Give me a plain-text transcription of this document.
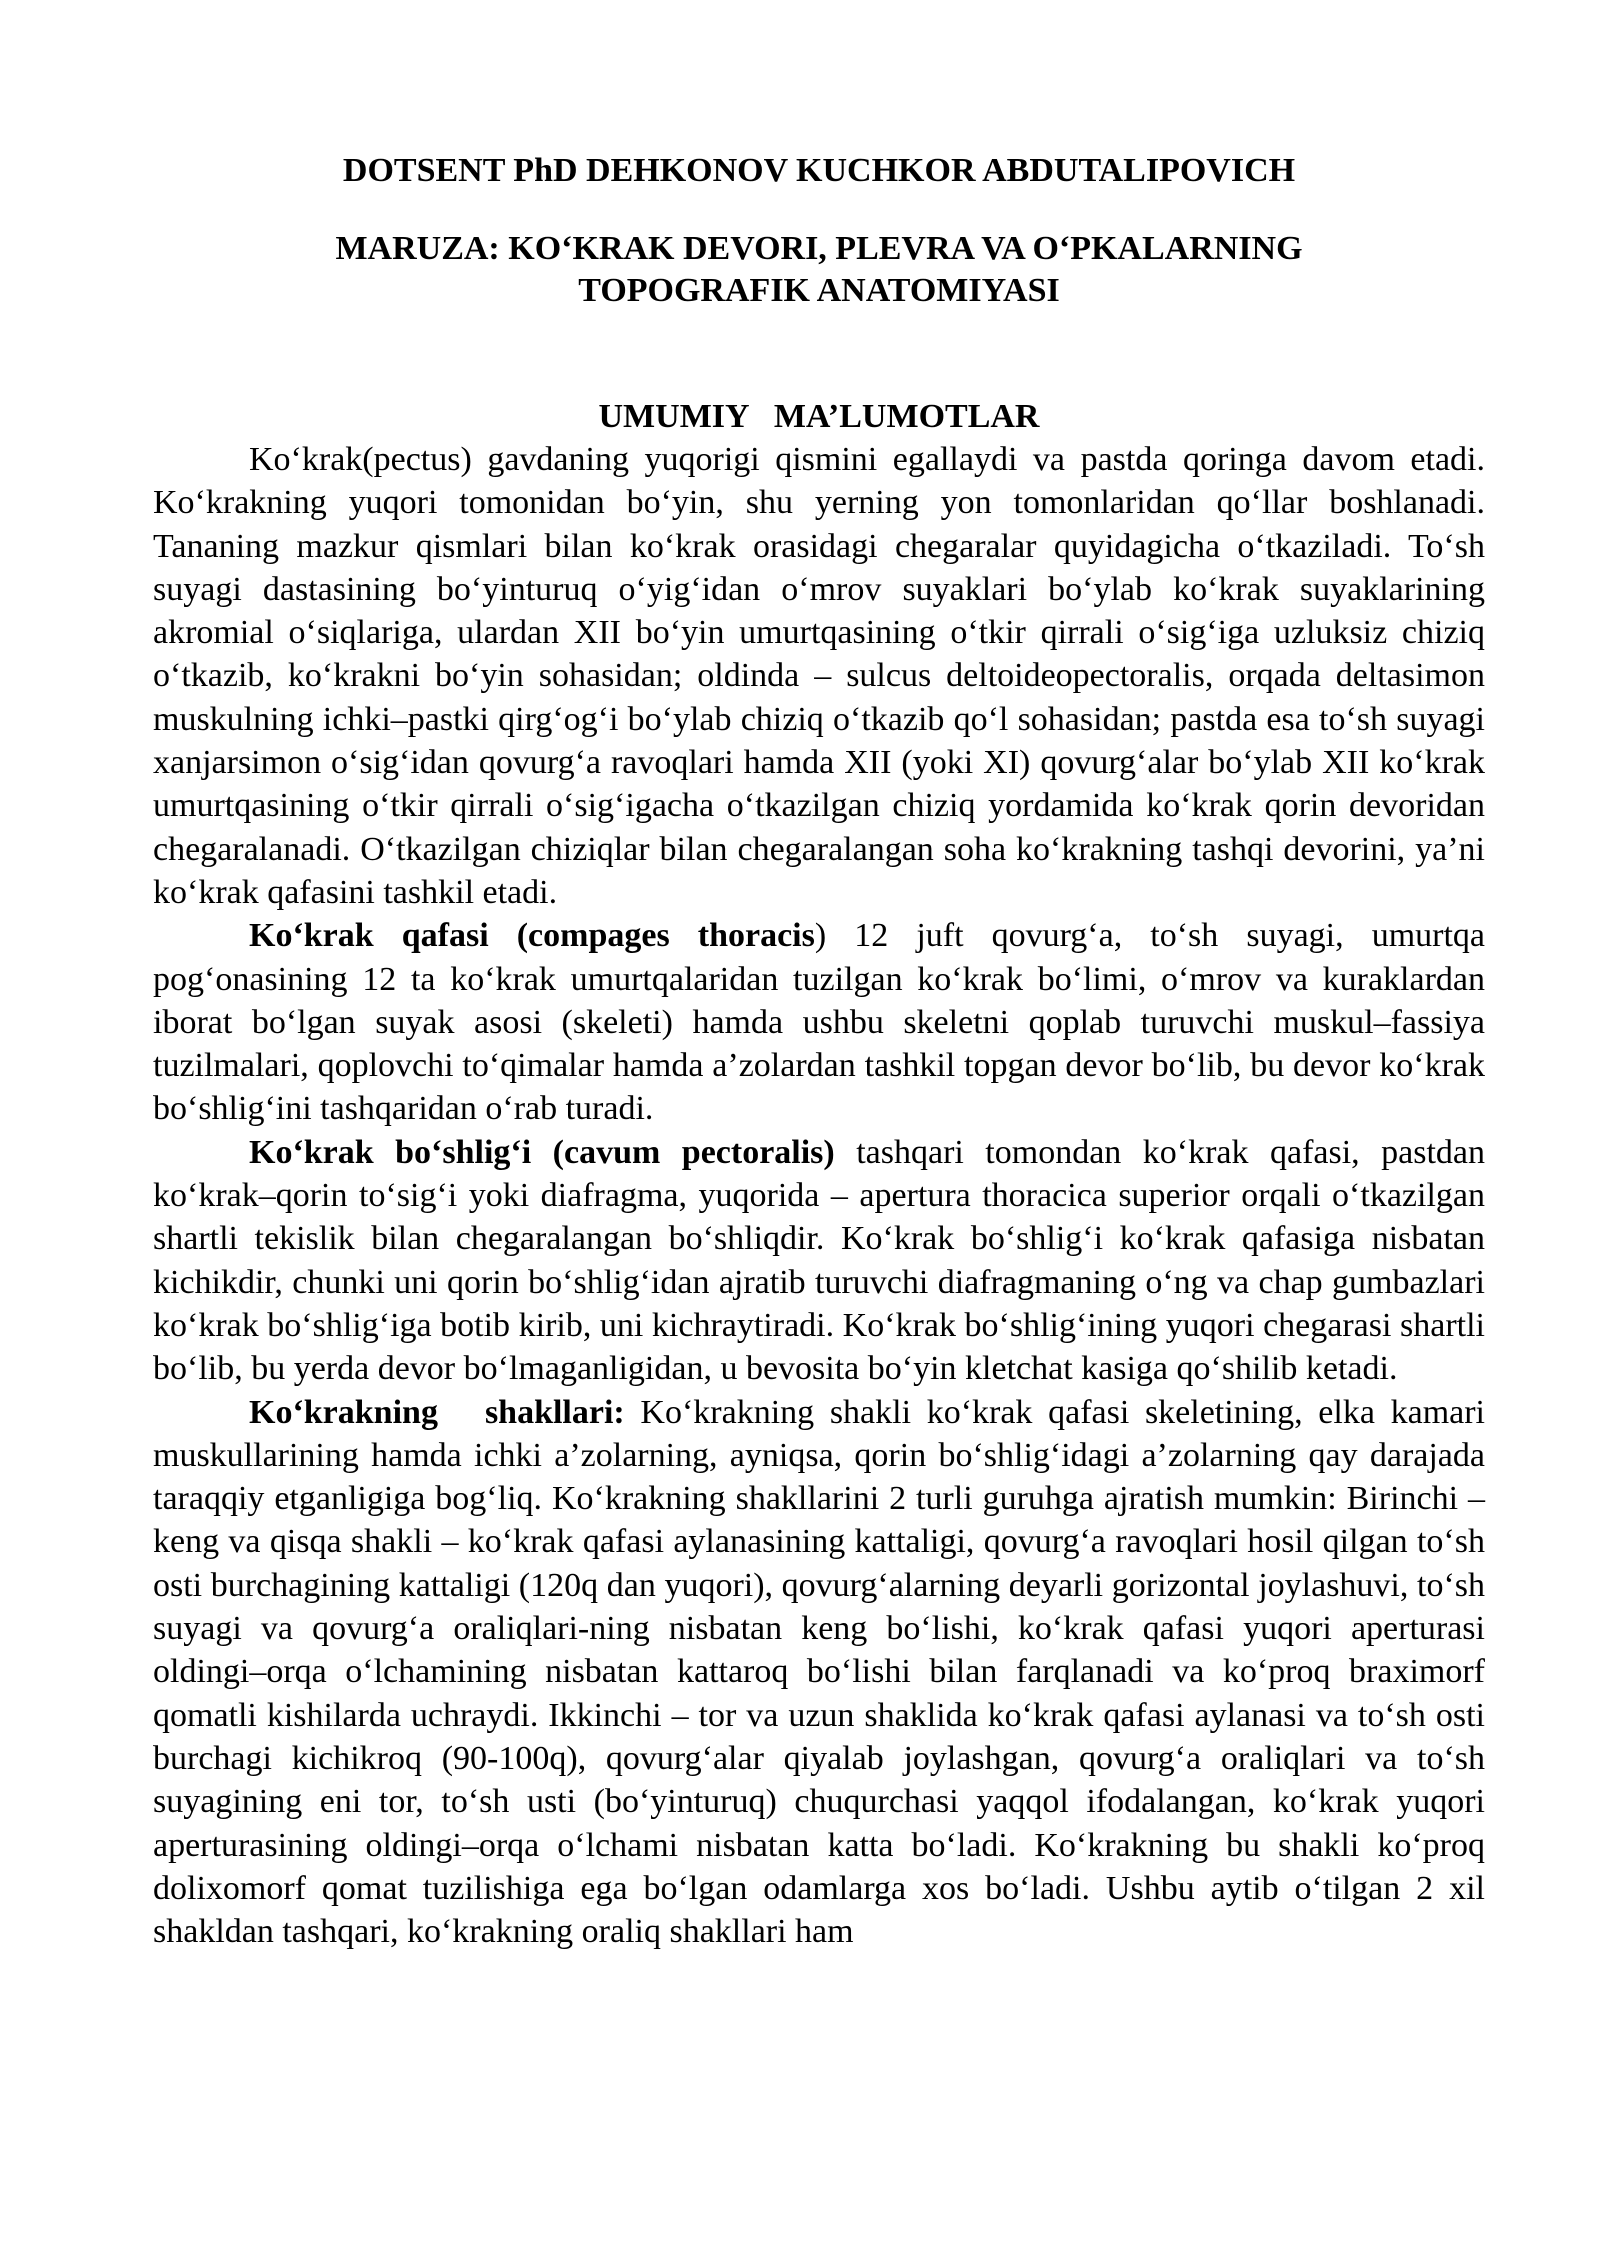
DOTSENT PhD DEHKONOV KUCHKOR ABDUTALIPOVICH

MARUZA: KO‘KRAK DEVORI, PLEVRA VA O‘PKALARNING

TOPOGRAFIK ANATOMIYASI

UMUMIY   MA’LUMOTLAR

Ko‘krak(pectus) gavdaning yuqorigi qismini egallaydi va pastda qoringa davom etadi. Ko‘krakning yuqori tomonidan bo‘yin, shu yerning yon tomonlaridan qo‘llar boshlanadi. Tananing mazkur qismlari bilan ko‘krak orasidagi chegaralar quyidagicha o‘tkaziladi. To‘sh suyagi dastasining bo‘yinturuq o‘yig‘idan o‘mrov suyaklari bo‘ylab ko‘krak suyaklarining akromial o‘siqlariga, ulardan XII bo‘yin umurtqasining o‘tkir qirrali o‘sig‘iga uzluksiz chiziq o‘tkazib, ko‘krakni bo‘yin sohasidan; oldinda – sulcus deltoideopectoralis, orqada deltasimon muskulning ichki–pastki qirg‘og‘i bo‘ylab chiziq o‘tkazib qo‘l sohasidan; pastda esa to‘sh suyagi xanjarsimon o‘sig‘idan qovurg‘a ravoqlari hamda XII (yoki XI) qovurg‘alar bo‘ylab XII ko‘krak umurtqasining o‘tkir qirrali o‘sig‘igacha o‘tkazilgan chiziq yordamida ko‘krak qorin devoridan chegaralanadi. O‘tkazilgan chiziqlar bilan chegaralangan soha ko‘krakning tashqi devorini, ya’ni ko‘krak qafasini tashkil etadi.

Ko‘krak qafasi (compages thoracis) 12 juft qovurg‘a, to‘sh suyagi, umurtqa pog‘onasining 12 ta ko‘krak umurtqalaridan tuzilgan ko‘krak bo‘limi, o‘mrov va kuraklardan iborat bo‘lgan suyak asosi (skeleti) hamda ushbu skeletni qoplab turuvchi muskul–fassiya tuzilmalari, qoplovchi to‘qimalar hamda a’zolardan tashkil topgan devor bo‘lib, bu devor ko‘krak bo‘shlig‘ini tashqaridan o‘rab turadi.

Ko‘krak bo‘shlig‘i (cavum pectoralis) tashqari tomondan ko‘krak qafasi, pastdan ko‘krak–qorin to‘sig‘i yoki diafragma, yuqorida – apertura thoracica superior orqali o‘tkazilgan shartli tekislik bilan chegaralangan bo‘shliqdir. Ko‘krak bo‘shlig‘i ko‘krak qafasiga nisbatan kichikdir, chunki uni qorin bo‘shlig‘idan ajratib turuvchi diafragmaning o‘ng va chap gumbazlari ko‘krak bo‘shlig‘iga botib kirib, uni kichraytiradi. Ko‘krak bo‘shlig‘ining yuqori chegarasi shartli bo‘lib, bu yerda devor bo‘lmaganligidan, u bevosita bo‘yin kletchat kasiga qo‘shilib ketadi.

Ko‘krakning   shakllari: Ko‘krakning shakli ko‘krak qafasi skeletining, elka kamari muskullarining hamda ichki a’zolarning, ayniqsa, qorin bo‘shlig‘idagi a’zolarning qay darajada taraqqiy etganligiga bog‘liq. Ko‘krakning shakllarini 2 turli guruhga ajratish mumkin: Birinchi – keng va qisqa shakli – ko‘krak qafasi aylanasining kattaligi, qovurg‘a ravoqlari hosil qilgan to‘sh osti burchagining kattaligi (120q dan yuqori), qovurg‘alarning deyarli gorizontal joylashuvi, to‘sh suyagi va qovurg‘a oraliqlari-ning nisbatan keng bo‘lishi, ko‘krak qafasi yuqori aperturasi oldingi–orqa o‘lchamining nisbatan kattaroq bo‘lishi bilan farqlanadi va ko‘proq braximorf qomatli kishilarda uchraydi. Ikkinchi – tor va uzun shaklida ko‘krak qafasi aylanasi va to‘sh osti burchagi kichikroq (90-100q), qovurg‘alar qiyalab joylashgan, qovurg‘a oraliqlari va to‘sh suyagining eni tor, to‘sh usti (bo‘yinturuq) chuqurchasi yaqqol ifodalangan, ko‘krak yuqori aperturasining oldingi–orqa o‘lchami nisbatan katta bo‘ladi. Ko‘krakning bu shakli ko‘proq dolixomorf qomat tuzilishiga ega bo‘lgan odamlarga xos bo‘ladi. Ushbu aytib o‘tilgan 2 xil shakldan tashqari, ko‘krakning oraliq shakllari ham
